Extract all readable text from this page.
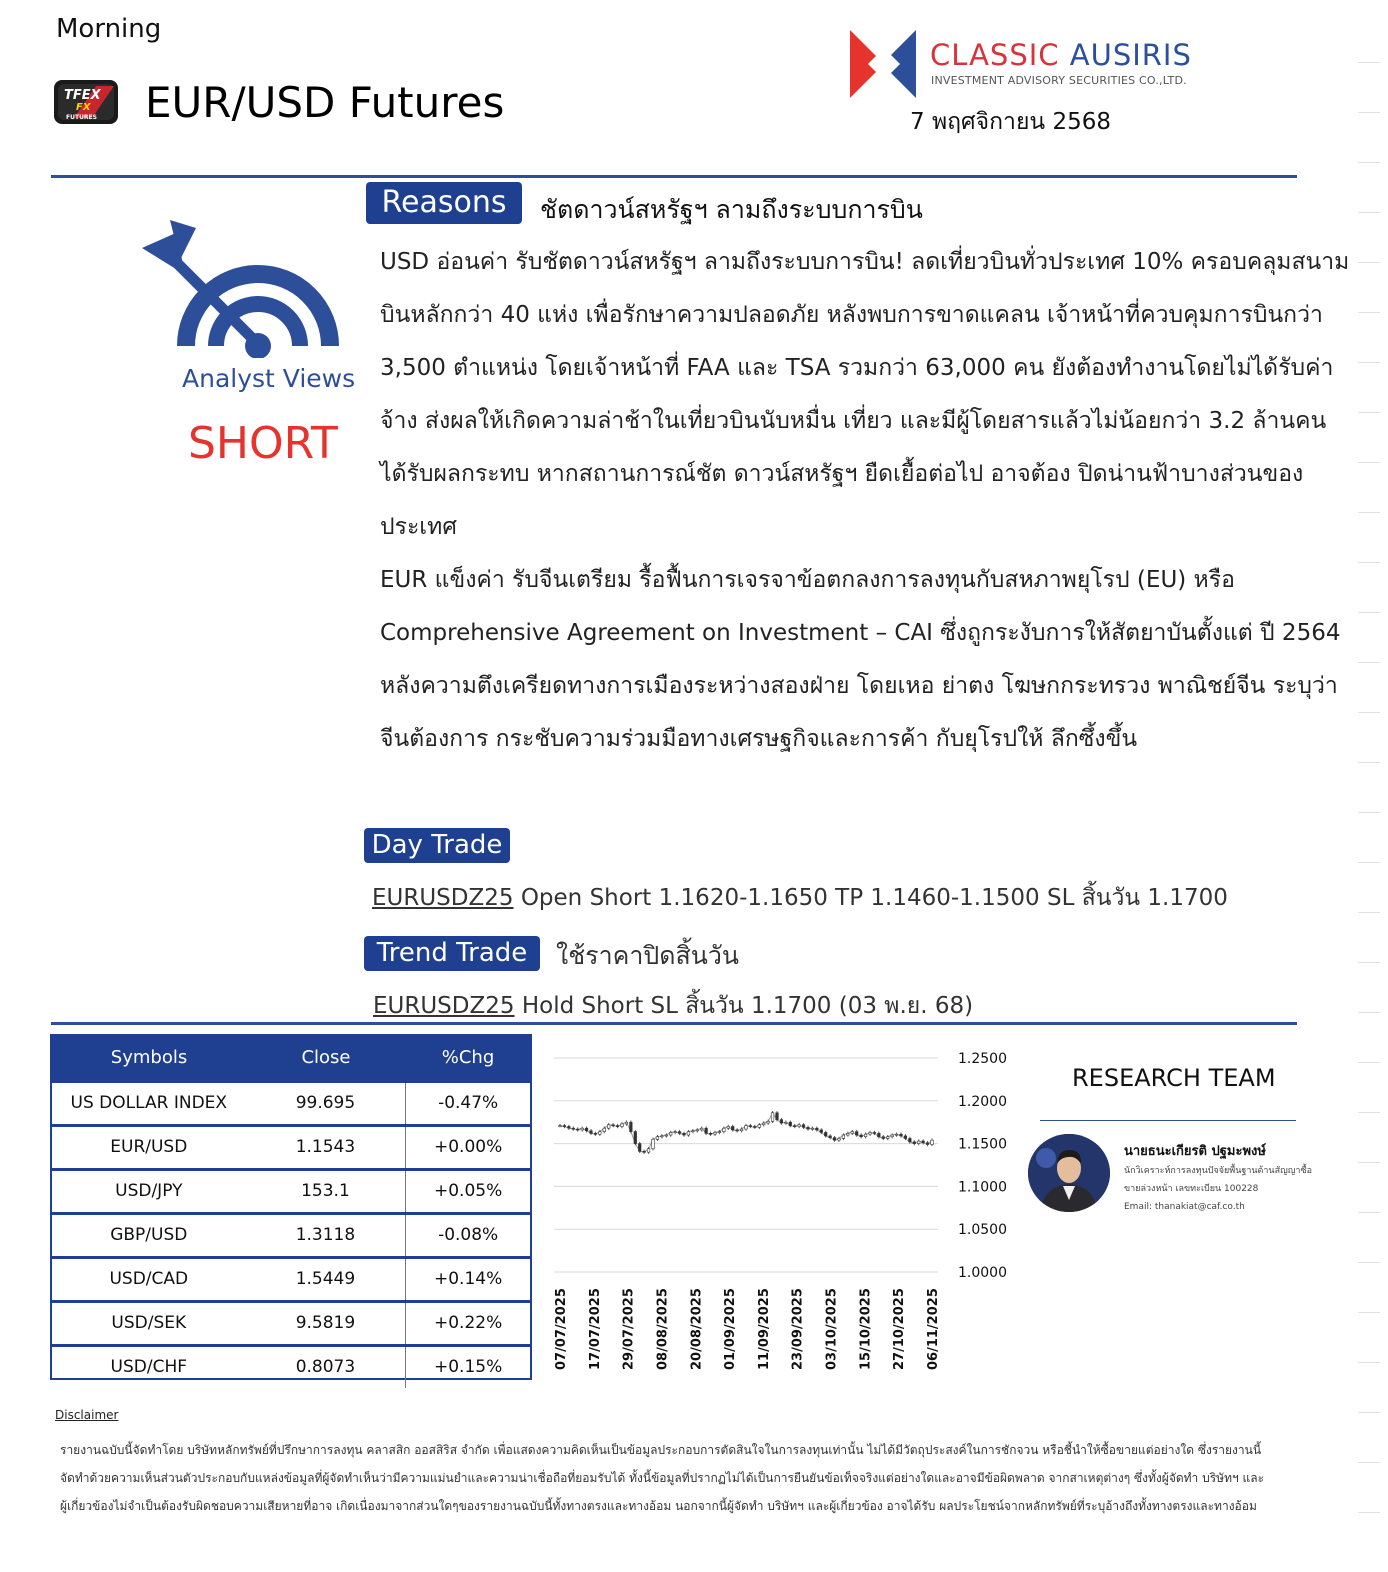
Morning
TFEX
FX
FUTURES EUR/USD Futures
CLASSIC AUSIRIS
INVESTMENT ADVISORY SECURITIES CO.,LTD.
7 พฤศจิกายน 2568
Analyst Views
SHORT
Reasons	ชัตดาวน์สหรัฐฯ ลามถึงระบบการบิน
USD อ่อนค่า รับชัตดาวน์สหรัฐฯ ลามถึงระบบการบิน! ลดเที่ยวบินทั่วประเทศ 10% ครอบคลุมสนามบินหลักกว่า 40 แห่ง เพื่อรักษาความปลอดภัย หลังพบการขาดแคลน เจ้าหน้าที่ควบคุมการบินกว่า 3,500 ตำแหน่ง โดยเจ้าหน้าที่ FAA และ TSA รวมกว่า 63,000 คน ยังต้องทำงานโดยไม่ได้รับค่าจ้าง ส่งผลให้เกิดความล่าช้าในเที่ยวบินนับหมื่น เที่ยว และมีผู้โดยสารแล้วไม่น้อยกว่า 3.2 ล้านคน ได้รับผลกระทบ หากสถานการณ์ชัต ดาวน์สหรัฐฯ ยืดเยื้อต่อไป อาจต้อง ปิดน่านฟ้าบางส่วนของประเทศ
EUR แข็งค่า รับจีนเตรียม รื้อฟื้นการเจรจาข้อตกลงการลงทุนกับสหภาพยุโรป (EU) หรือ Comprehensive Agreement on Investment – CAI ซึ่งถูกระงับการให้สัตยาบันตั้งแต่ ปี 2564 หลังความตึงเครียดทางการเมืองระหว่างสองฝ่าย โดยเหอ ย่าตง โฆษกกระทรวง พาณิชย์จีน ระบุว่า จีนต้องการ กระชับความร่วมมือทางเศรษฐกิจและการค้า กับยุโรปให้ ลึกซึ้งขึ้น
Day Trade
EURUSDZ25 Open Short 1.1620-1.1650 TP 1.1460-1.1500 SL สิ้นวัน 1.1700
Trend Trade	ใช้ราคาปิดสิ้นวัน
EURUSDZ25 Hold Short SL สิ้นวัน 1.1700 (03 พ.ย. 68)
Symbols	Close	%Chg
US DOLLAR INDEX	99.695	-0.47%
EUR/USD	1.1543	+0.00%
USD/JPY	153.1	+0.05%
GBP/USD	1.3118	-0.08%
USD/CAD	1.5449	+0.14%
USD/SEK	9.5819	+0.22%
USD/CHF	0.8073	+0.15%
1.2500
1.2000
1.1500
1.1000
1.0500
1.0000
07/07/2025 17/07/2025 29/07/2025 08/08/2025 20/08/2025 01/09/2025 11/09/2025 23/09/2025 03/10/2025 15/10/2025 27/10/2025 06/11/2025
RESEARCH TEAM
นายธนะเกียรติ ปฐมะพงษ์
นักวิเคราะห์การลงทุนปัจจัยพื้นฐานด้านสัญญาซื้อขายล่วงหน้า เลขทะเบียน 100228
Email: thanakiat@caf.co.th
Disclaimer
รายงานฉบับนี้จัดทำโดย บริษัทหลักทรัพย์ที่ปรึกษาการลงทุน คลาสสิก ออสสิริส จำกัด เพื่อแสดงความคิดเห็นเป็นข้อมูลประกอบการตัดสินใจในการลงทุนเท่านั้น ไม่ได้มีวัตถุประสงค์ในการชักจวน หรือชี้นำให้ซื้อขายแต่อย่างใด ซึ่งรายงานนี้ จัดทำด้วยความเห็นส่วนตัวประกอบกับแหล่งข้อมูลที่ผู้จัดทำเห็นว่ามีความแม่นยำและความน่าเชื่อถือที่ยอมรับได้ ทั้งนี้ข้อมูลที่ปรากฏไม่ได้เป็นการยืนยันข้อเท็จจริงแต่อย่างใดและอาจมีข้อผิดพลาด จากสาเหตุต่างๆ ซึ่งทั้งผู้จัดทำ บริษัทฯ และผู้เกี่ยวข้องไม่จำเป็นต้องรับผิดชอบความเสียหายที่อาจ เกิดเนื่องมาจากส่วนใดๆของรายงานฉบับนี้ทั้งทางตรงและทางอ้อม นอกจากนี้ผู้จัดทำ บริษัทฯ และผู้เกี่ยวข้อง อาจได้รับ ผลประโยชน์จากหลักทรัพย์ที่ระบุอ้างถึงทั้งทางตรงและทางอ้อม
